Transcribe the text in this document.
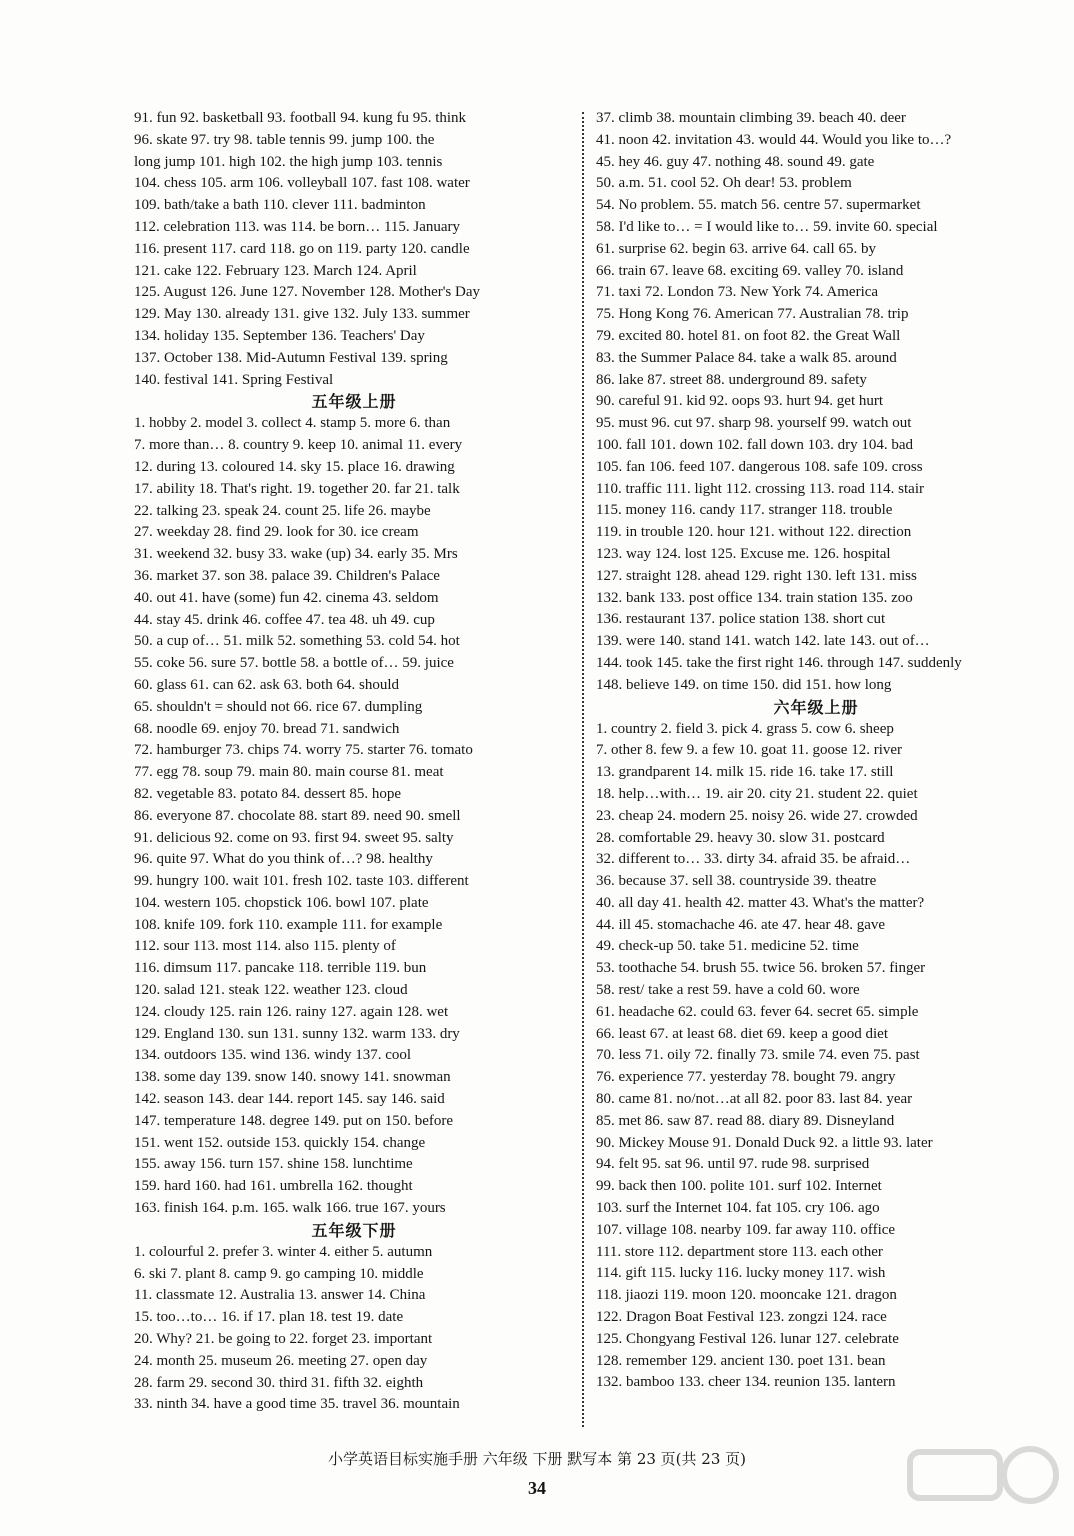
91. fun 92. basketball 93. football 94. kung fu 95. think
96. skate 97. try 98. table tennis 99. jump 100. the
long jump 101. high 102. the high jump 103. tennis
104. chess 105. arm 106. volleyball 107. fast 108. water
109. bath/take a bath 110. clever 111. badminton
112. celebration 113. was 114. be born… 115. January
116. present 117. card 118. go on 119. party 120. candle
121. cake 122. February 123. March 124. April
125. August 126. June 127. November 128. Mother's Day
129. May 130. already 131. give 132. July 133. summer
134. holiday 135. September 136. Teachers' Day
137. October 138. Mid-Autumn Festival 139. spring
140. festival 141. Spring Festival
五年级上册
1. hobby 2. model 3. collect 4. stamp 5. more 6. than
7. more than… 8. country 9. keep 10. animal 11. every
12. during 13. coloured 14. sky 15. place 16. drawing
17. ability 18. That's right. 19. together 20. far 21. talk
22. talking 23. speak 24. count 25. life 26. maybe
27. weekday 28. find 29. look for 30. ice cream
31. weekend 32. busy 33. wake (up) 34. early 35. Mrs
36. market 37. son 38. palace 39. Children's Palace
40. out 41. have (some) fun 42. cinema 43. seldom
44. stay 45. drink 46. coffee 47. tea 48. uh 49. cup
50. a cup of… 51. milk 52. something 53. cold 54. hot
55. coke 56. sure 57. bottle 58. a bottle of… 59. juice
60. glass 61. can 62. ask 63. both 64. should
65. shouldn't = should not 66. rice 67. dumpling
68. noodle 69. enjoy 70. bread 71. sandwich
72. hamburger 73. chips 74. worry 75. starter 76. tomato
77. egg 78. soup 79. main 80. main course 81. meat
82. vegetable 83. potato 84. dessert 85. hope
86. everyone 87. chocolate 88. start 89. need 90. smell
91. delicious 92. come on 93. first 94. sweet 95. salty
96. quite 97. What do you think of…? 98. healthy
99. hungry 100. wait 101. fresh 102. taste 103. different
104. western 105. chopstick 106. bowl 107. plate
108. knife 109. fork 110. example 111. for example
112. sour 113. most 114. also 115. plenty of
116. dimsum 117. pancake 118. terrible 119. bun
120. salad 121. steak 122. weather 123. cloud
124. cloudy 125. rain 126. rainy 127. again 128. wet
129. England 130. sun 131. sunny 132. warm 133. dry
134. outdoors 135. wind 136. windy 137. cool
138. some day 139. snow 140. snowy 141. snowman
142. season 143. dear 144. report 145. say 146. said
147. temperature 148. degree 149. put on 150. before
151. went 152. outside 153. quickly 154. change
155. away 156. turn 157. shine 158. lunchtime
159. hard 160. had 161. umbrella 162. thought
163. finish 164. p.m. 165. walk 166. true 167. yours
五年级下册
1. colourful 2. prefer 3. winter 4. either 5. autumn
6. ski 7. plant 8. camp 9. go camping 10. middle
11. classmate 12. Australia 13. answer 14. China
15. too…to… 16. if 17. plan 18. test 19. date
20. Why? 21. be going to 22. forget 23. important
24. month 25. museum 26. meeting 27. open day
28. farm 29. second 30. third 31. fifth 32. eighth
33. ninth 34. have a good time 35. travel 36. mountain
37. climb 38. mountain climbing 39. beach 40. deer
41. noon 42. invitation 43. would 44. Would you like to…?
45. hey 46. guy 47. nothing 48. sound 49. gate
50. a.m. 51. cool 52. Oh dear! 53. problem
54. No problem. 55. match 56. centre 57. supermarket
58. I'd like to… = I would like to… 59. invite 60. special
61. surprise 62. begin 63. arrive 64. call 65. by
66. train 67. leave 68. exciting 69. valley 70. island
71. taxi 72. London 73. New York 74. America
75. Hong Kong 76. American 77. Australian 78. trip
79. excited 80. hotel 81. on foot 82. the Great Wall
83. the Summer Palace 84. take a walk 85. around
86. lake 87. street 88. underground 89. safety
90. careful 91. kid 92. oops 93. hurt 94. get hurt
95. must 96. cut 97. sharp 98. yourself 99. watch out
100. fall 101. down 102. fall down 103. dry 104. bad
105. fan 106. feed 107. dangerous 108. safe 109. cross
110. traffic 111. light 112. crossing 113. road 114. stair
115. money 116. candy 117. stranger 118. trouble
119. in trouble 120. hour 121. without 122. direction
123. way 124. lost 125. Excuse me. 126. hospital
127. straight 128. ahead 129. right 130. left 131. miss
132. bank 133. post office 134. train station 135. zoo
136. restaurant 137. police station 138. short cut
139. were 140. stand 141. watch 142. late 143. out of…
144. took 145. take the first right 146. through 147. suddenly
148. believe 149. on time 150. did 151. how long
六年级上册
1. country 2. field 3. pick 4. grass 5. cow 6. sheep
7. other 8. few 9. a few 10. goat 11. goose 12. river
13. grandparent 14. milk 15. ride 16. take 17. still
18. help…with… 19. air 20. city 21. student 22. quiet
23. cheap 24. modern 25. noisy 26. wide 27. crowded
28. comfortable 29. heavy 30. slow 31. postcard
32. different to… 33. dirty 34. afraid 35. be afraid…
36. because 37. sell 38. countryside 39. theatre
40. all day 41. health 42. matter 43. What's the matter?
44. ill 45. stomachache 46. ate 47. hear 48. gave
49. check-up 50. take 51. medicine 52. time
53. toothache 54. brush 55. twice 56. broken 57. finger
58. rest/ take a rest 59. have a cold 60. wore
61. headache 62. could 63. fever 64. secret 65. simple
66. least 67. at least 68. diet 69. keep a good diet
70. less 71. oily 72. finally 73. smile 74. even 75. past
76. experience 77. yesterday 78. bought 79. angry
80. came 81. no/not…at all 82. poor 83. last 84. year
85. met 86. saw 87. read 88. diary 89. Disneyland
90. Mickey Mouse 91. Donald Duck 92. a little 93. later
94. felt 95. sat 96. until 97. rude 98. surprised
99. back then 100. polite 101. surf 102. Internet
103. surf the Internet 104. fat 105. cry 106. ago
107. village 108. nearby 109. far away 110. office
111. store 112. department store 113. each other
114. gift 115. lucky 116. lucky money 117. wish
118. jiaozi 119. moon 120. mooncake 121. dragon
122. Dragon Boat Festival 123. zongzi 124. race
125. Chongyang Festival 126. lunar 127. celebrate
128. remember 129. ancient 130. poet 131. bean
132. bamboo 133. cheer 134. reunion 135. lantern
小学英语目标实施手册 六年级 下册 默写本 第 23 页(共 23 页)
34
